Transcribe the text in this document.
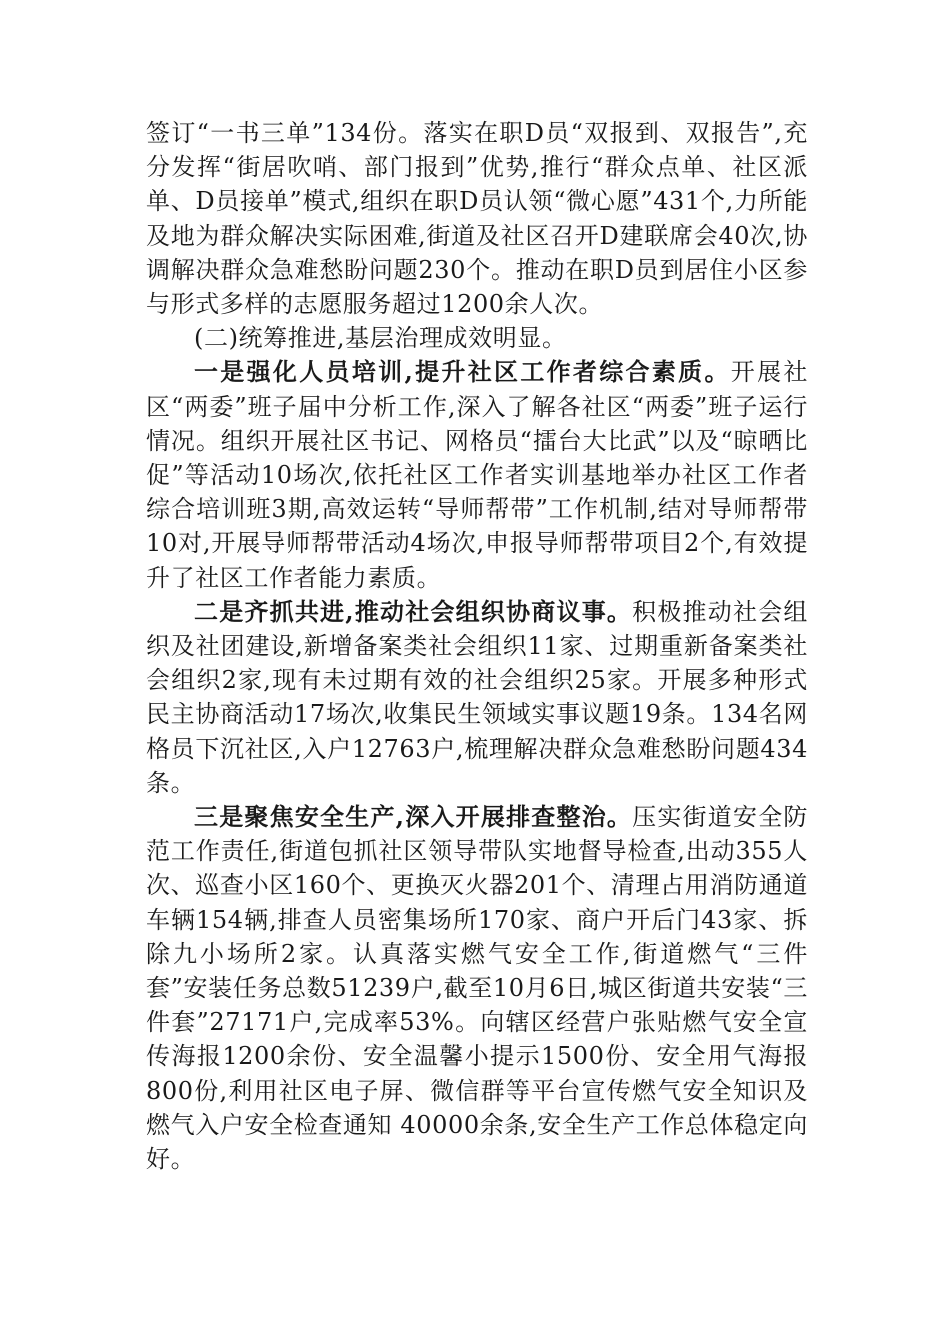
签订“一书三单”134份。落实在职D员“双报到、双报告”,充分发挥“街居吹哨、部门报到”优势,推行“群众点单、社区派单、D员接单”模式,组织在职D员认领“微心愿”431个,力所能及地为群众解决实际困难,街道及社区召开D建联席会40次,协调解决群众急难愁盼问题230个。推动在职D员到居住小区参与形式多样的志愿服务超过1200余人次。

(二)统筹推进,基层治理成效明显。

一是强化人员培训,提升社区工作者综合素质。开展社区“两委”班子届中分析工作,深入了解各社区“两委”班子运行情况。组织开展社区书记、网格员“擂台大比武”以及“晾晒比促”等活动10场次,依托社区工作者实训基地举办社区工作者综合培训班3期,高效运转“导师帮带”工作机制,结对导师帮带10对,开展导师帮带活动4场次,申报导师帮带项目2个,有效提升了社区工作者能力素质。

二是齐抓共进,推动社会组织协商议事。积极推动社会组织及社团建设,新增备案类社会组织11家、过期重新备案类社会组织2家,现有未过期有效的社会组织25家。开展多种形式民主协商活动17场次,收集民生领域实事议题19条。134名网格员下沉社区,入户12763户,梳理解决群众急难愁盼问题434条。

三是聚焦安全生产,深入开展排查整治。压实街道安全防范工作责任,街道包抓社区领导带队实地督导检查,出动355人次、巡查小区160个、更换灭火器201个、清理占用消防通道车辆154辆,排查人员密集场所170家、商户开后门43家、拆除九小场所2家。认真落实燃气安全工作,街道燃气“三件套”安装任务总数51239户,截至10月6日,城区街道共安装“三件套”27171户,完成率53%。向辖区经营户张贴燃气安全宣传海报1200余份、安全温馨小提示1500份、安全用气海报800份,利用社区电子屏、微信群等平台宣传燃气安全知识及燃气入户安全检查通知 40000余条,安全生产工作总体稳定向好。
